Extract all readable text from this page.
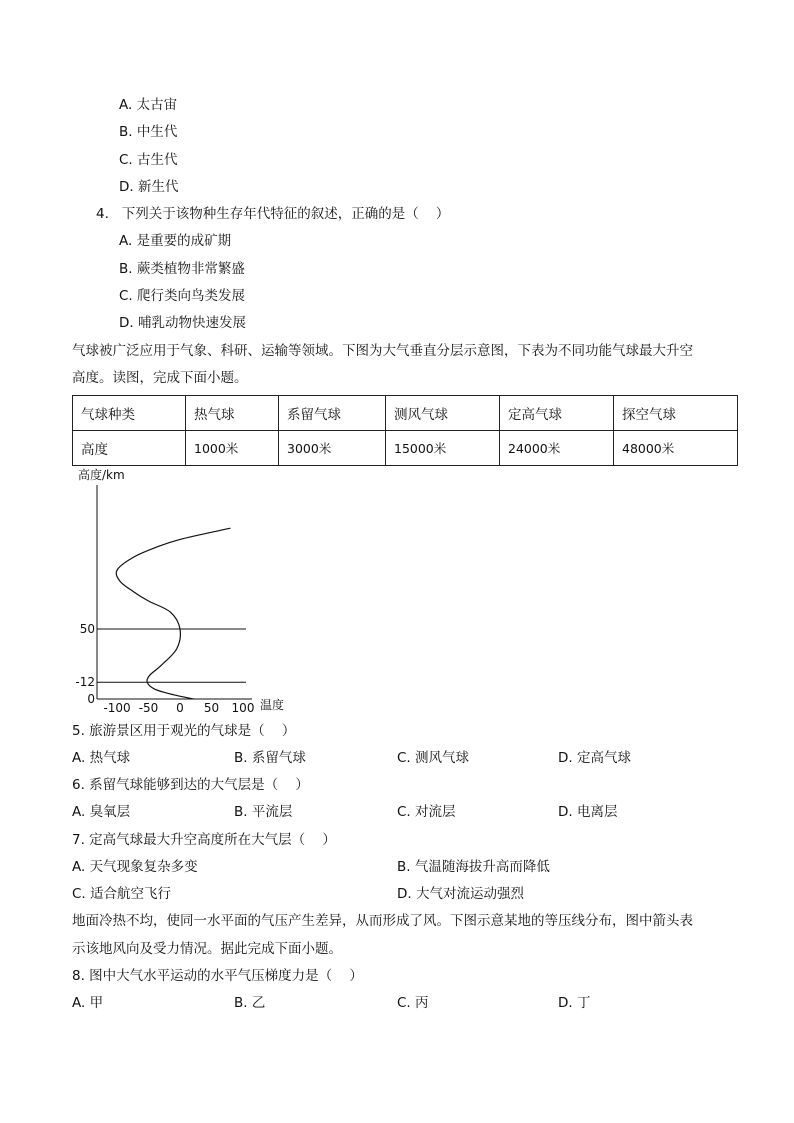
A. 太古宙
B. 中生代
C. 古生代
D. 新生代
4.   下列关于该物种生存年代特征的叙述，正确的是（    ）
A. 是重要的成矿期
B. 蕨类植物非常繁盛
C. 爬行类向鸟类发展
D. 哺乳动物快速发展
气球被广泛应用于气象、科研、运输等领域。下图为大气垂直分层示意图，下表为不同功能气球最大升空
高度。读图，完成下面小题。
气球种类	热气球	系留气球	测风气球	定高气球	探空气球
高度	1000米	3000米	15000米	24000米	48000米
高度/km
-100 -50 0 50 100
0
-12
50
温度
5. 旅游景区用于观光的气球是（    ）
A. 热气球	B. 系留气球	C. 测风气球	D. 定高气球
6. 系留气球能够到达的大气层是（    ）
A. 臭氧层	B. 平流层	C. 对流层	D. 电离层
7. 定高气球最大升空高度所在大气层（    ）
A. 天气现象复杂多变	B. 气温随海拔升高而降低
C. 适合航空飞行	D. 大气对流运动强烈
地面冷热不均，使同一水平面的气压产生差异，从而形成了风。下图示意某地的等压线分布，图中箭头表
示该地风向及受力情况。据此完成下面小题。
8. 图中大气水平运动的水平气压梯度力是（    ）
A. 甲	B. 乙	C. 丙	D. 丁
